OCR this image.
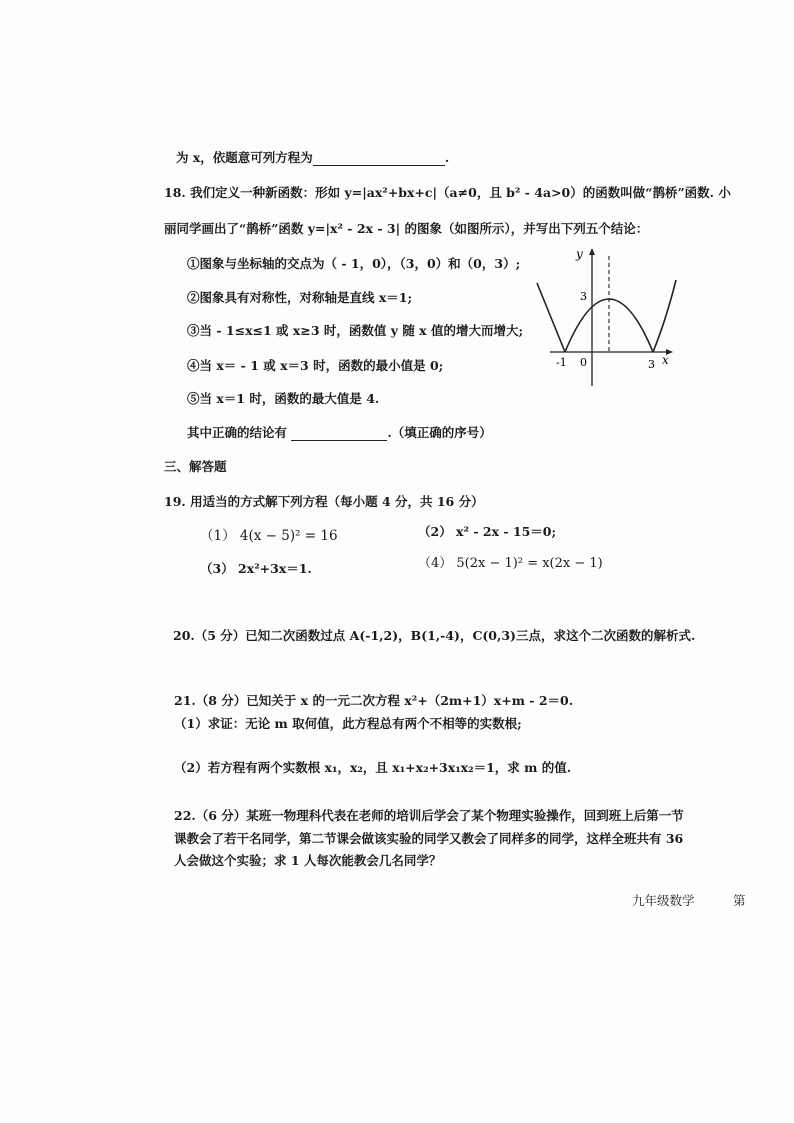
为 x，依题意可列方程为	.
18. 我们定义一种新函数：形如 y=|ax²+bx+c|（a≠0，且 b² - 4a>0）的函数叫做“鹊桥”函数. 小
丽同学画出了“鹊桥”函数 y=|x² - 2x - 3| 的图象（如图所示），并写出下列五个结论：
①图象与坐标轴的交点为（ - 1，0），（3，0）和（0，3）;
②图象具有对称性，对称轴是直线 x＝1;
③当 - 1≤x≤1 或 x≥3 时，函数值 y 随 x 值的增大而增大;
④当 x＝ - 1 或 x＝3 时，函数的最小值是 0;
⑤当 x＝1 时，函数的最大值是 4.
其中正确的结论有	.（填正确的序号）
y
x
3
-1 0	3
三、解答题
19. 用适当的方式解下列方程（每小题 4 分，共 16 分）
（1） 4(x − 5)² = 16	（2） x² - 2x - 15＝0;
（3） 2x²+3x＝1.	（4） 5(2x − 1)² = x(2x − 1)
20.（5 分）已知二次函数过点 A(-1,2)，B(1,-4)，C(0,3)三点，求这个二次函数的解析式.
21.（8 分）已知关于 x 的一元二次方程 x²+（2m+1）x+m - 2＝0.
（1）求证：无论 m 取何值，此方程总有两个不相等的实数根;
（2）若方程有两个实数根 x₁，x₂，且 x₁+x₂+3x₁x₂＝1，求 m 的值.
22.（6 分）某班一物理科代表在老师的培训后学会了某个物理实验操作，回到班上后第一节
课教会了若干名同学，第二节课会做该实验的同学又教会了同样多的同学，这样全班共有 36
人会做这个实验；求 1 人每次能教会几名同学？
九年级数学	第
